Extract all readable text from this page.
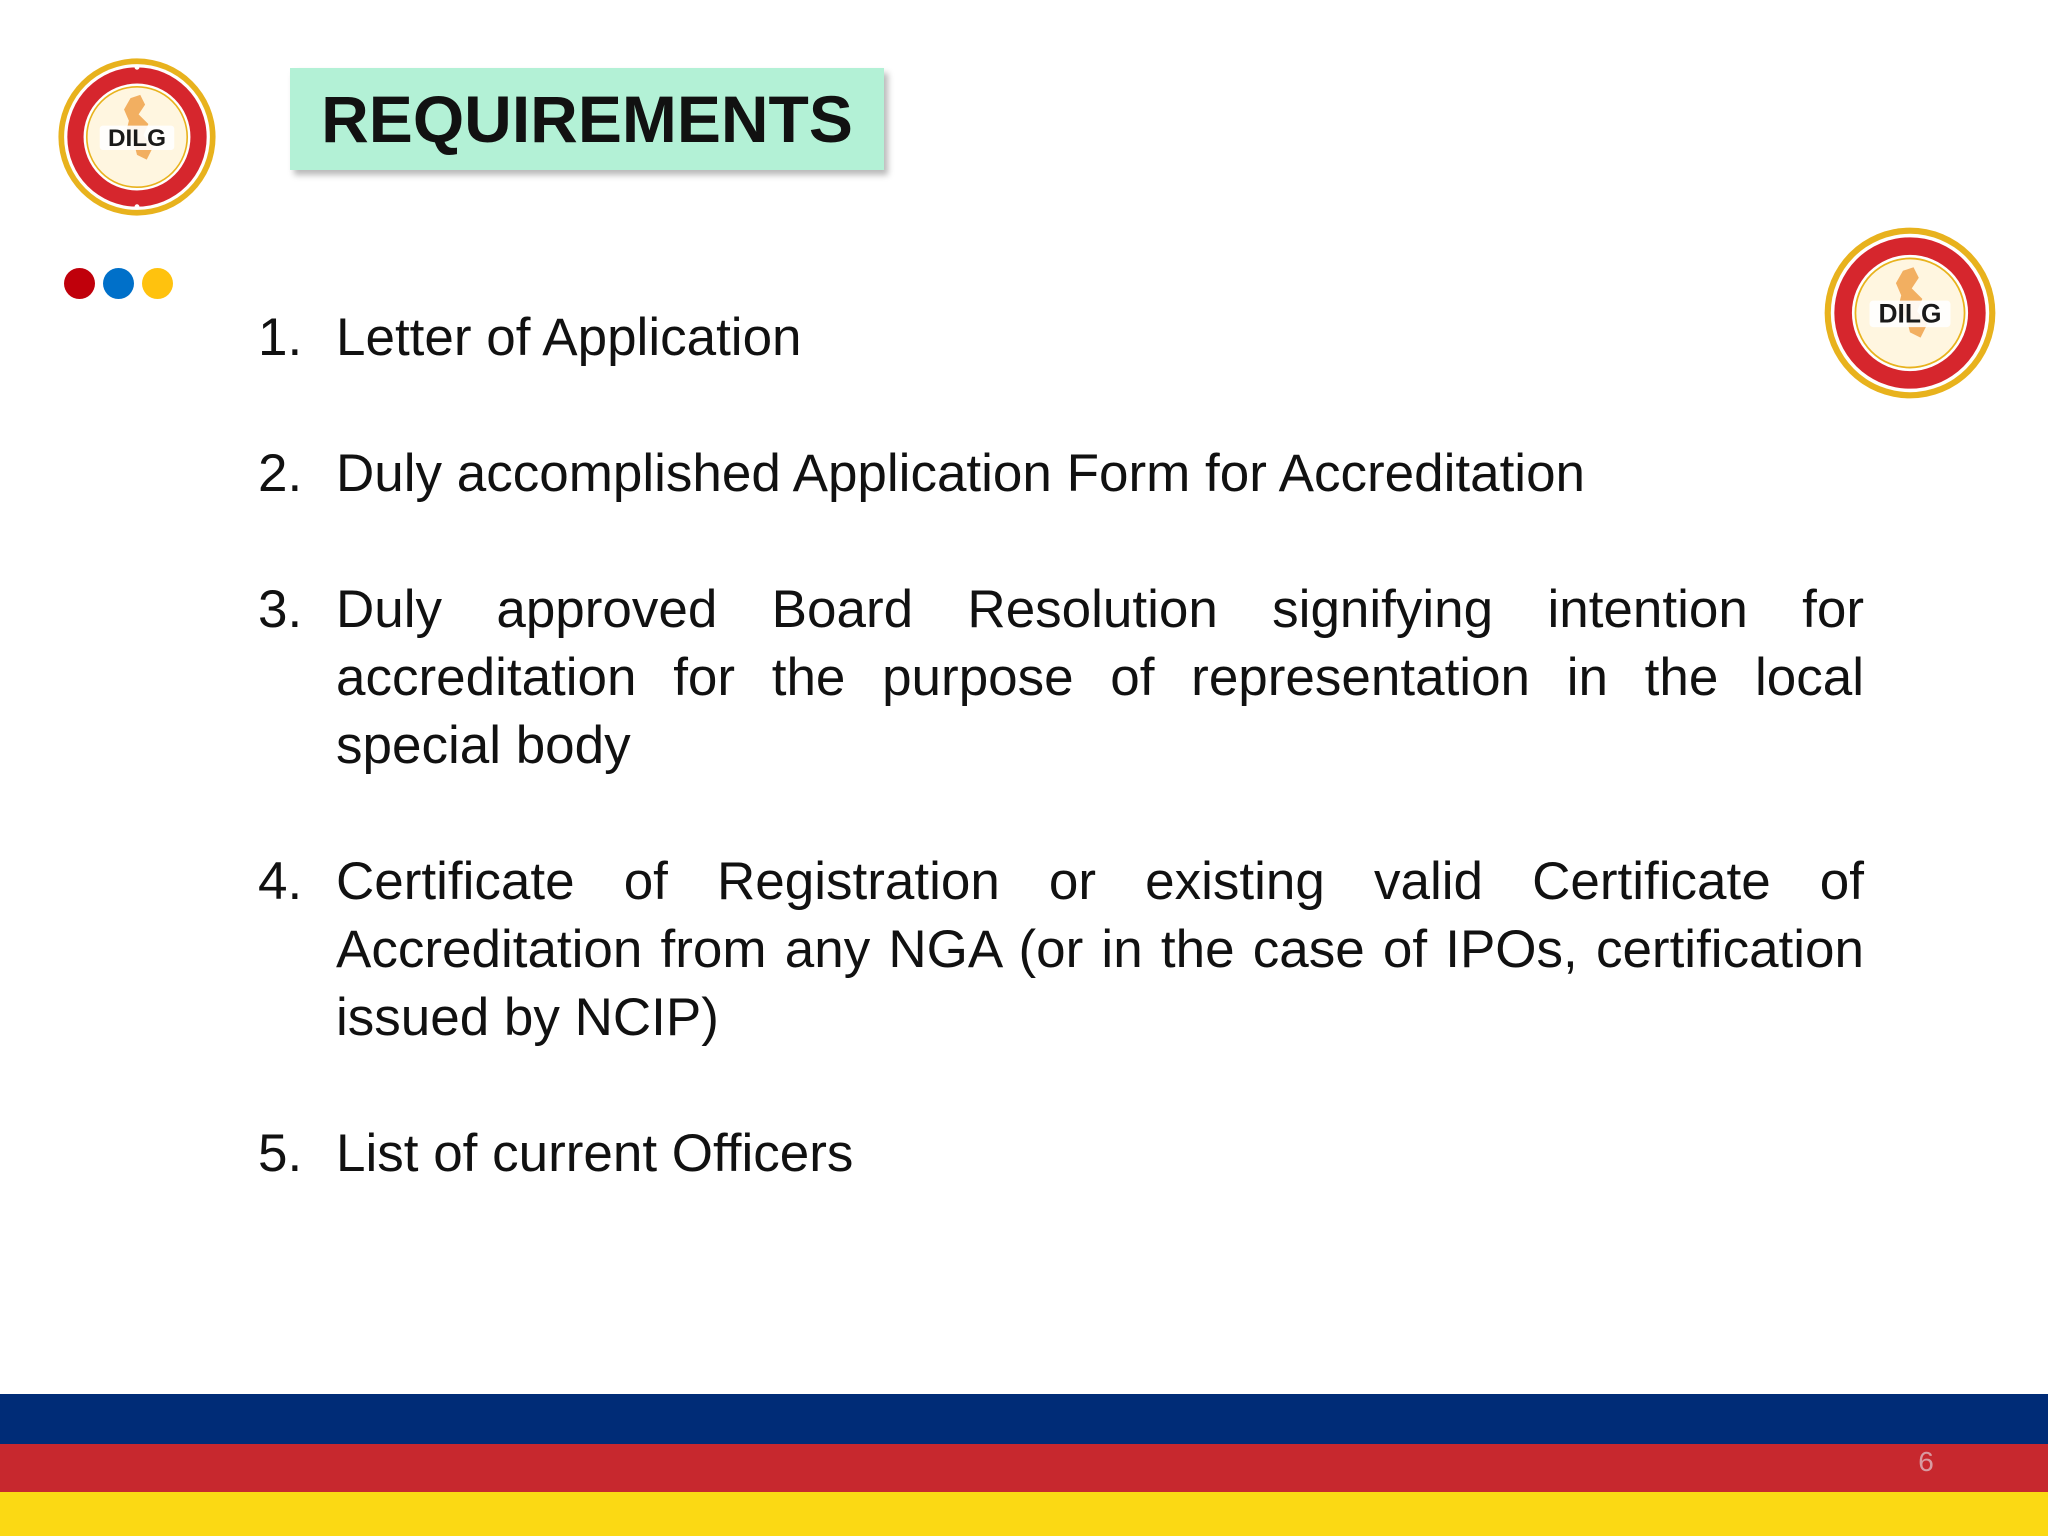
DILG REQUIREMENTS
DILG
1. Letter of Application
2. Duly accomplished Application Form for Accreditation
3. Duly approved Board Resolution signifying intention for accreditation for the purpose of representation in the local special body
4. Certificate of Registration or existing valid Certificate of Accreditation from any NGA (or in the case of IPOs, certification issued by NCIP)
5. List of current Officers
6
